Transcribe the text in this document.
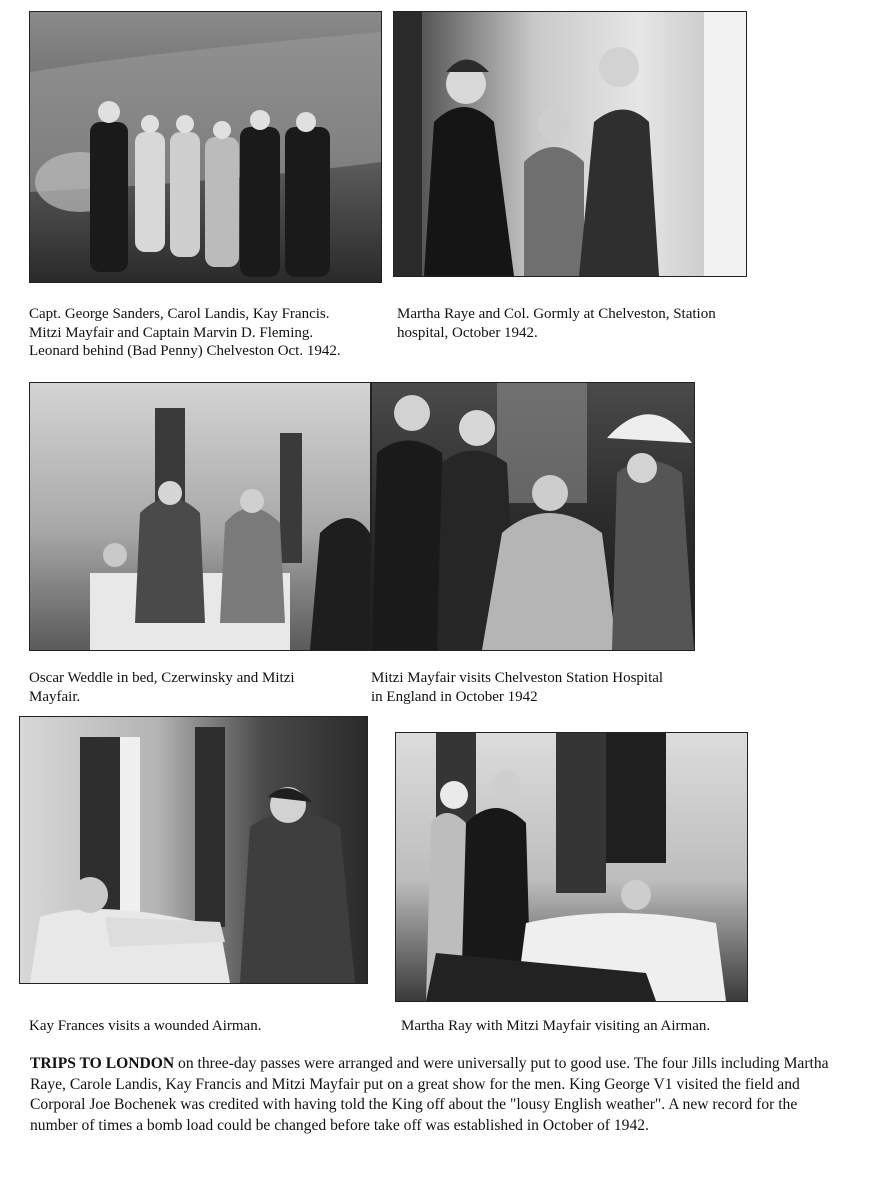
Capt. George Sanders, Carol Landis, Kay Francis.
Mitzi Mayfair and Captain Marvin D. Fleming.
Leonard behind (Bad Penny) Chelveston Oct. 1942.
Martha Raye and Col. Gormly at Chelveston, Station
hospital, October 1942.
Oscar Weddle in bed, Czerwinsky and Mitzi
Mayfair.
Mitzi Mayfair visits Chelveston Station Hospital
in England in October 1942
Kay Frances visits a wounded Airman.	Martha Ray with Mitzi Mayfair visiting an Airman.
TRIPS TO LONDON on three-day passes were arranged and were universally put to good use. The four Jills including Martha Raye, Carole Landis, Kay Francis and Mitzi Mayfair put on a great show for the men. King George V1 visited the field and Corporal Joe Bochenek was credited with having told the King off about the "lousy English weather". A new record for the number of times a bomb load could be changed before take off was established in October of 1942.
